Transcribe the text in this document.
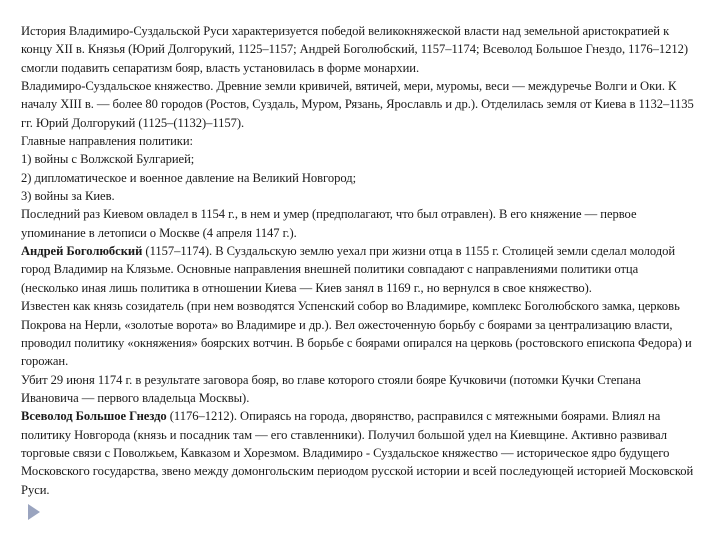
История Владимиро-Суздальской Руси характеризуется победой великокняжеской власти над земельной аристократией к концу XII в. Князья (Юрий Долгорукий, 1125–1157; Андрей Боголюбский, 1157–1174; Всеволод Большое Гнездо, 1176–1212) смогли подавить сепаратизм бояр, власть установилась в форме монархии.

Владимиро-Суздальское княжество. Древние земли кривичей, вятичей, мери, муромы, веси — междуречье Волги и Оки. К началу XIII в. — более 80 городов (Ростов, Суздаль, Муром, Рязань, Ярославль и др.). Отделилась земля от Киева в 1132–1135 гг. Юрий Долгорукий (1125–(1132)–1157).

Главные направления политики:

1) войны с Волжской Булгарией;

2) дипломатическое и военное давление на Великий Новгород;

3) войны за Киев.

Последний раз Киевом овладел в 1154 г., в нем и умер (предполагают, что был отравлен). В его княжение — первое упоминание в летописи о Москве (4 апреля 1147 г.).

Андрей Боголюбский (1157–1174). В Суздальскую землю уехал при жизни отца в 1155 г. Столицей земли сделал молодой город Владимир на Клязьме. Основные направления внешней политики совпадают с направлениями политики отца (несколько иная лишь политика в отношении Киева — Киев занял в 1169 г., но вернулся в свое княжество).

Известен как князь созидатель (при нем возводятся Успенский собор во Владимире, комплекс Боголюбского замка, церковь Покрова на Нерли, «золотые ворота» во Владимире и др.). Вел ожесточенную борьбу с боярами за централизацию власти, проводил политику «окняжения» боярских вотчин. В борьбе с боярами опирался на церковь (ростовского епископа Федора) и горожан.

Убит 29 июня 1174 г. в результате заговора бояр, во главе которого стояли бояре Кучковичи (потомки Кучки Степана Ивановича — первого владельца Москвы).

Всеволод Большое Гнездо (1176–1212). Опираясь на города, дворянство, расправился с мятежными боярами. Влиял на политику Новгорода (князь и посадник там — его ставленники). Получил большой удел на Киевщине. Активно развивал торговые связи с Поволжьем, Кавказом и Хорезмом. Владимиро - Суздальское княжество — историческое ядро будущего Московского государства, звено между домонгольским периодом русской истории и всей последующей историей Московской Руси.
